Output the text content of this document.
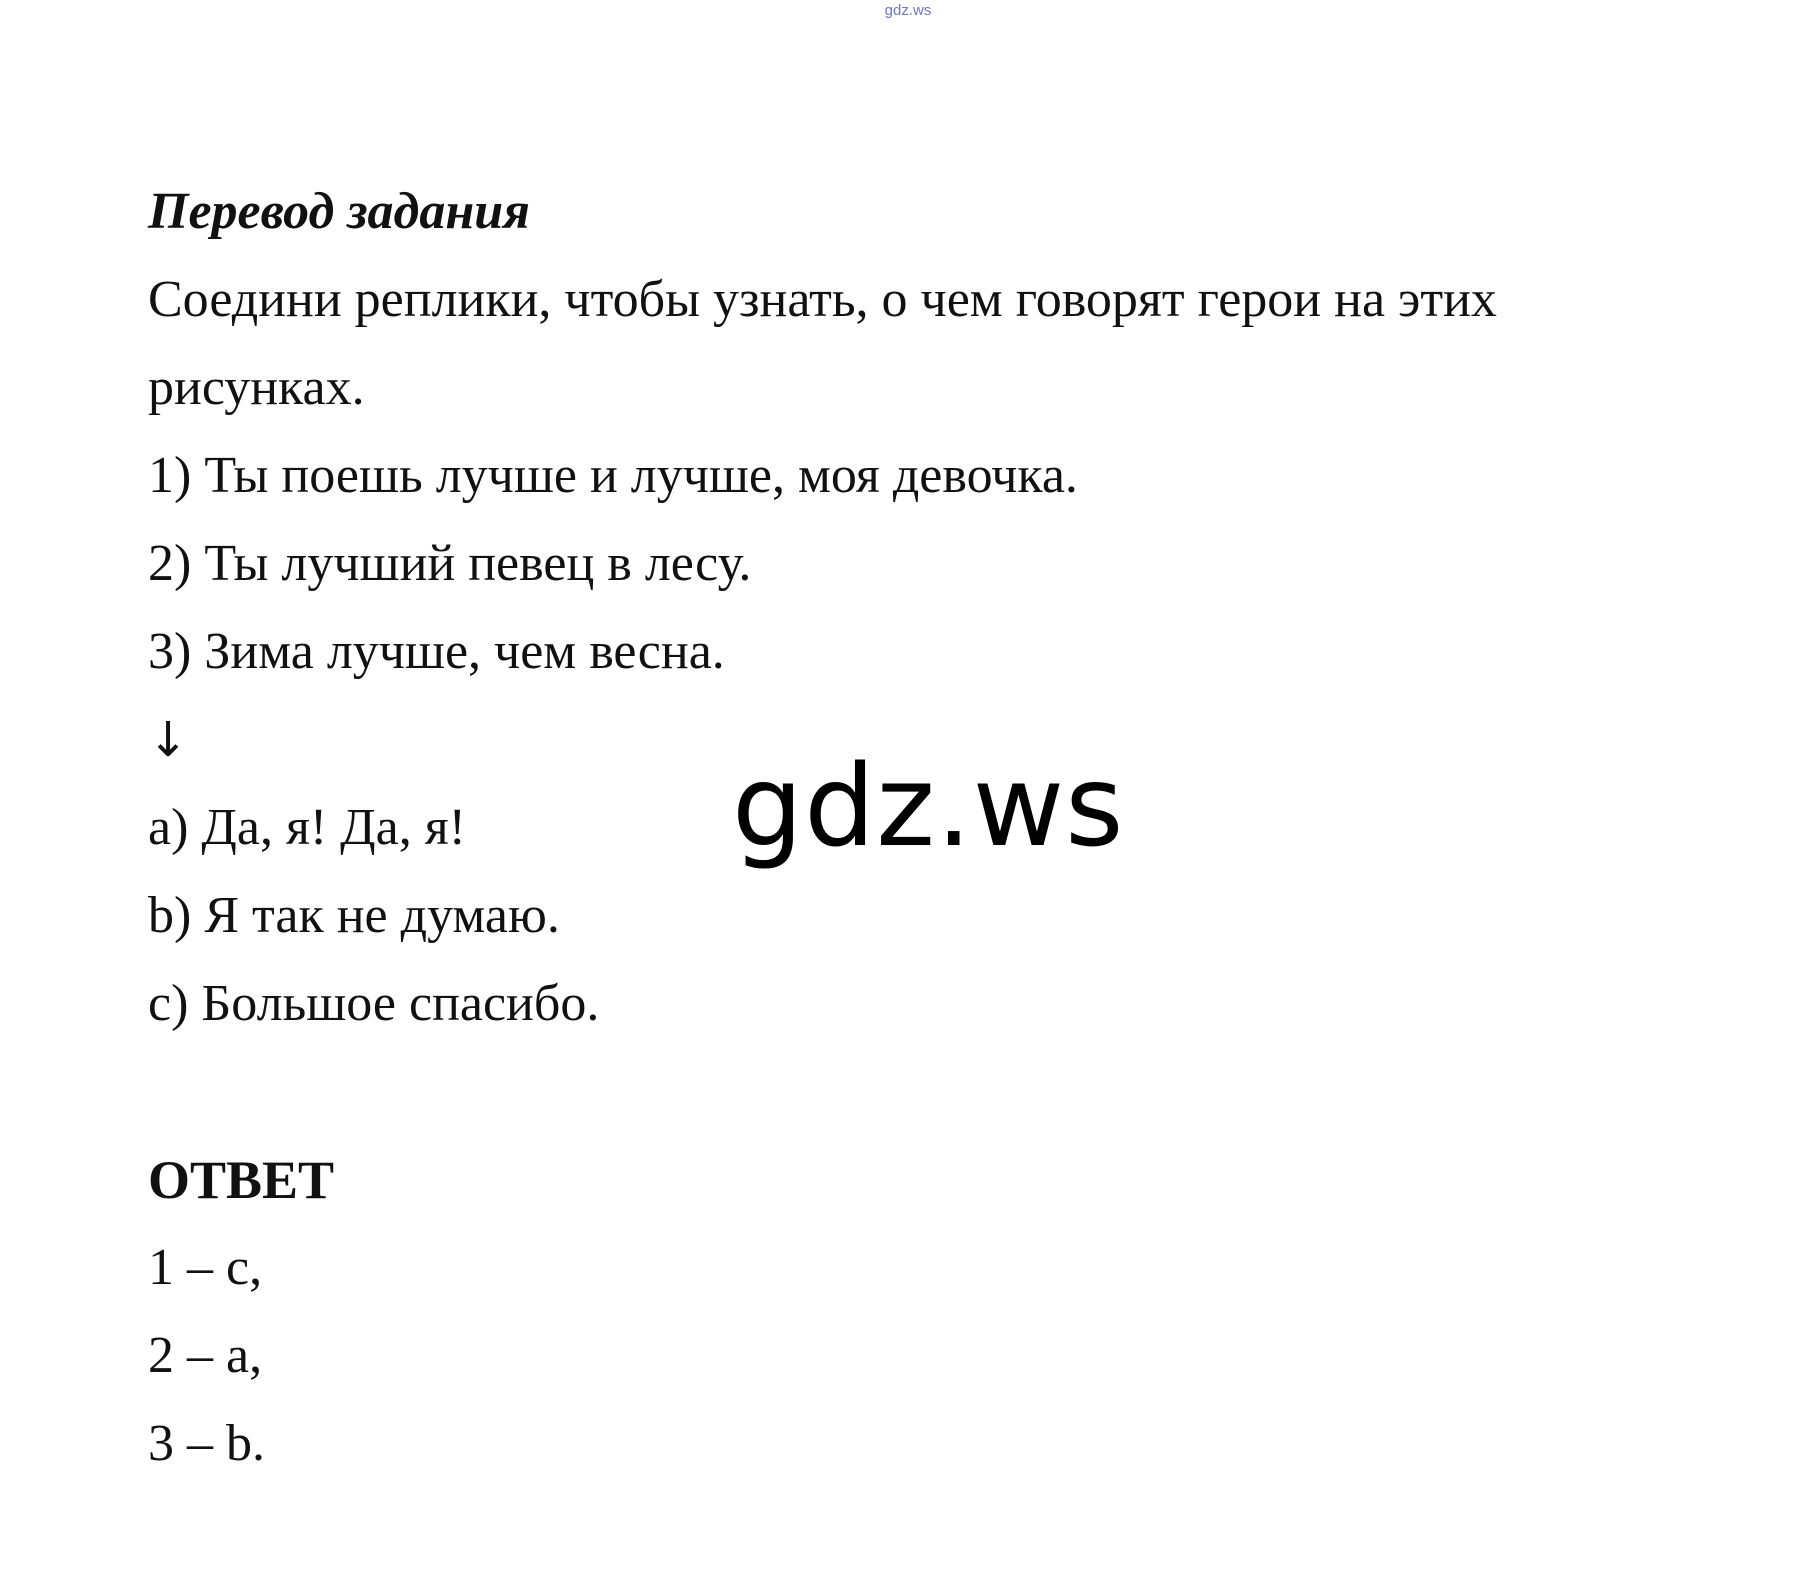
gdz.ws

Перевод задания

Соедини реплики, чтобы узнать, о чем говорят герои на этих

рисунках.

1) Ты поешь лучше и лучше, моя девочка.

2) Ты лучший певец в лесу.

3) Зима лучше, чем весна.

↓

a) Да, я! Да, я!

b) Я так не думаю.

c) Большое спасибо.

ОТВЕТ

1 – c,

2 – a,

3 – b.

gdz.ws
